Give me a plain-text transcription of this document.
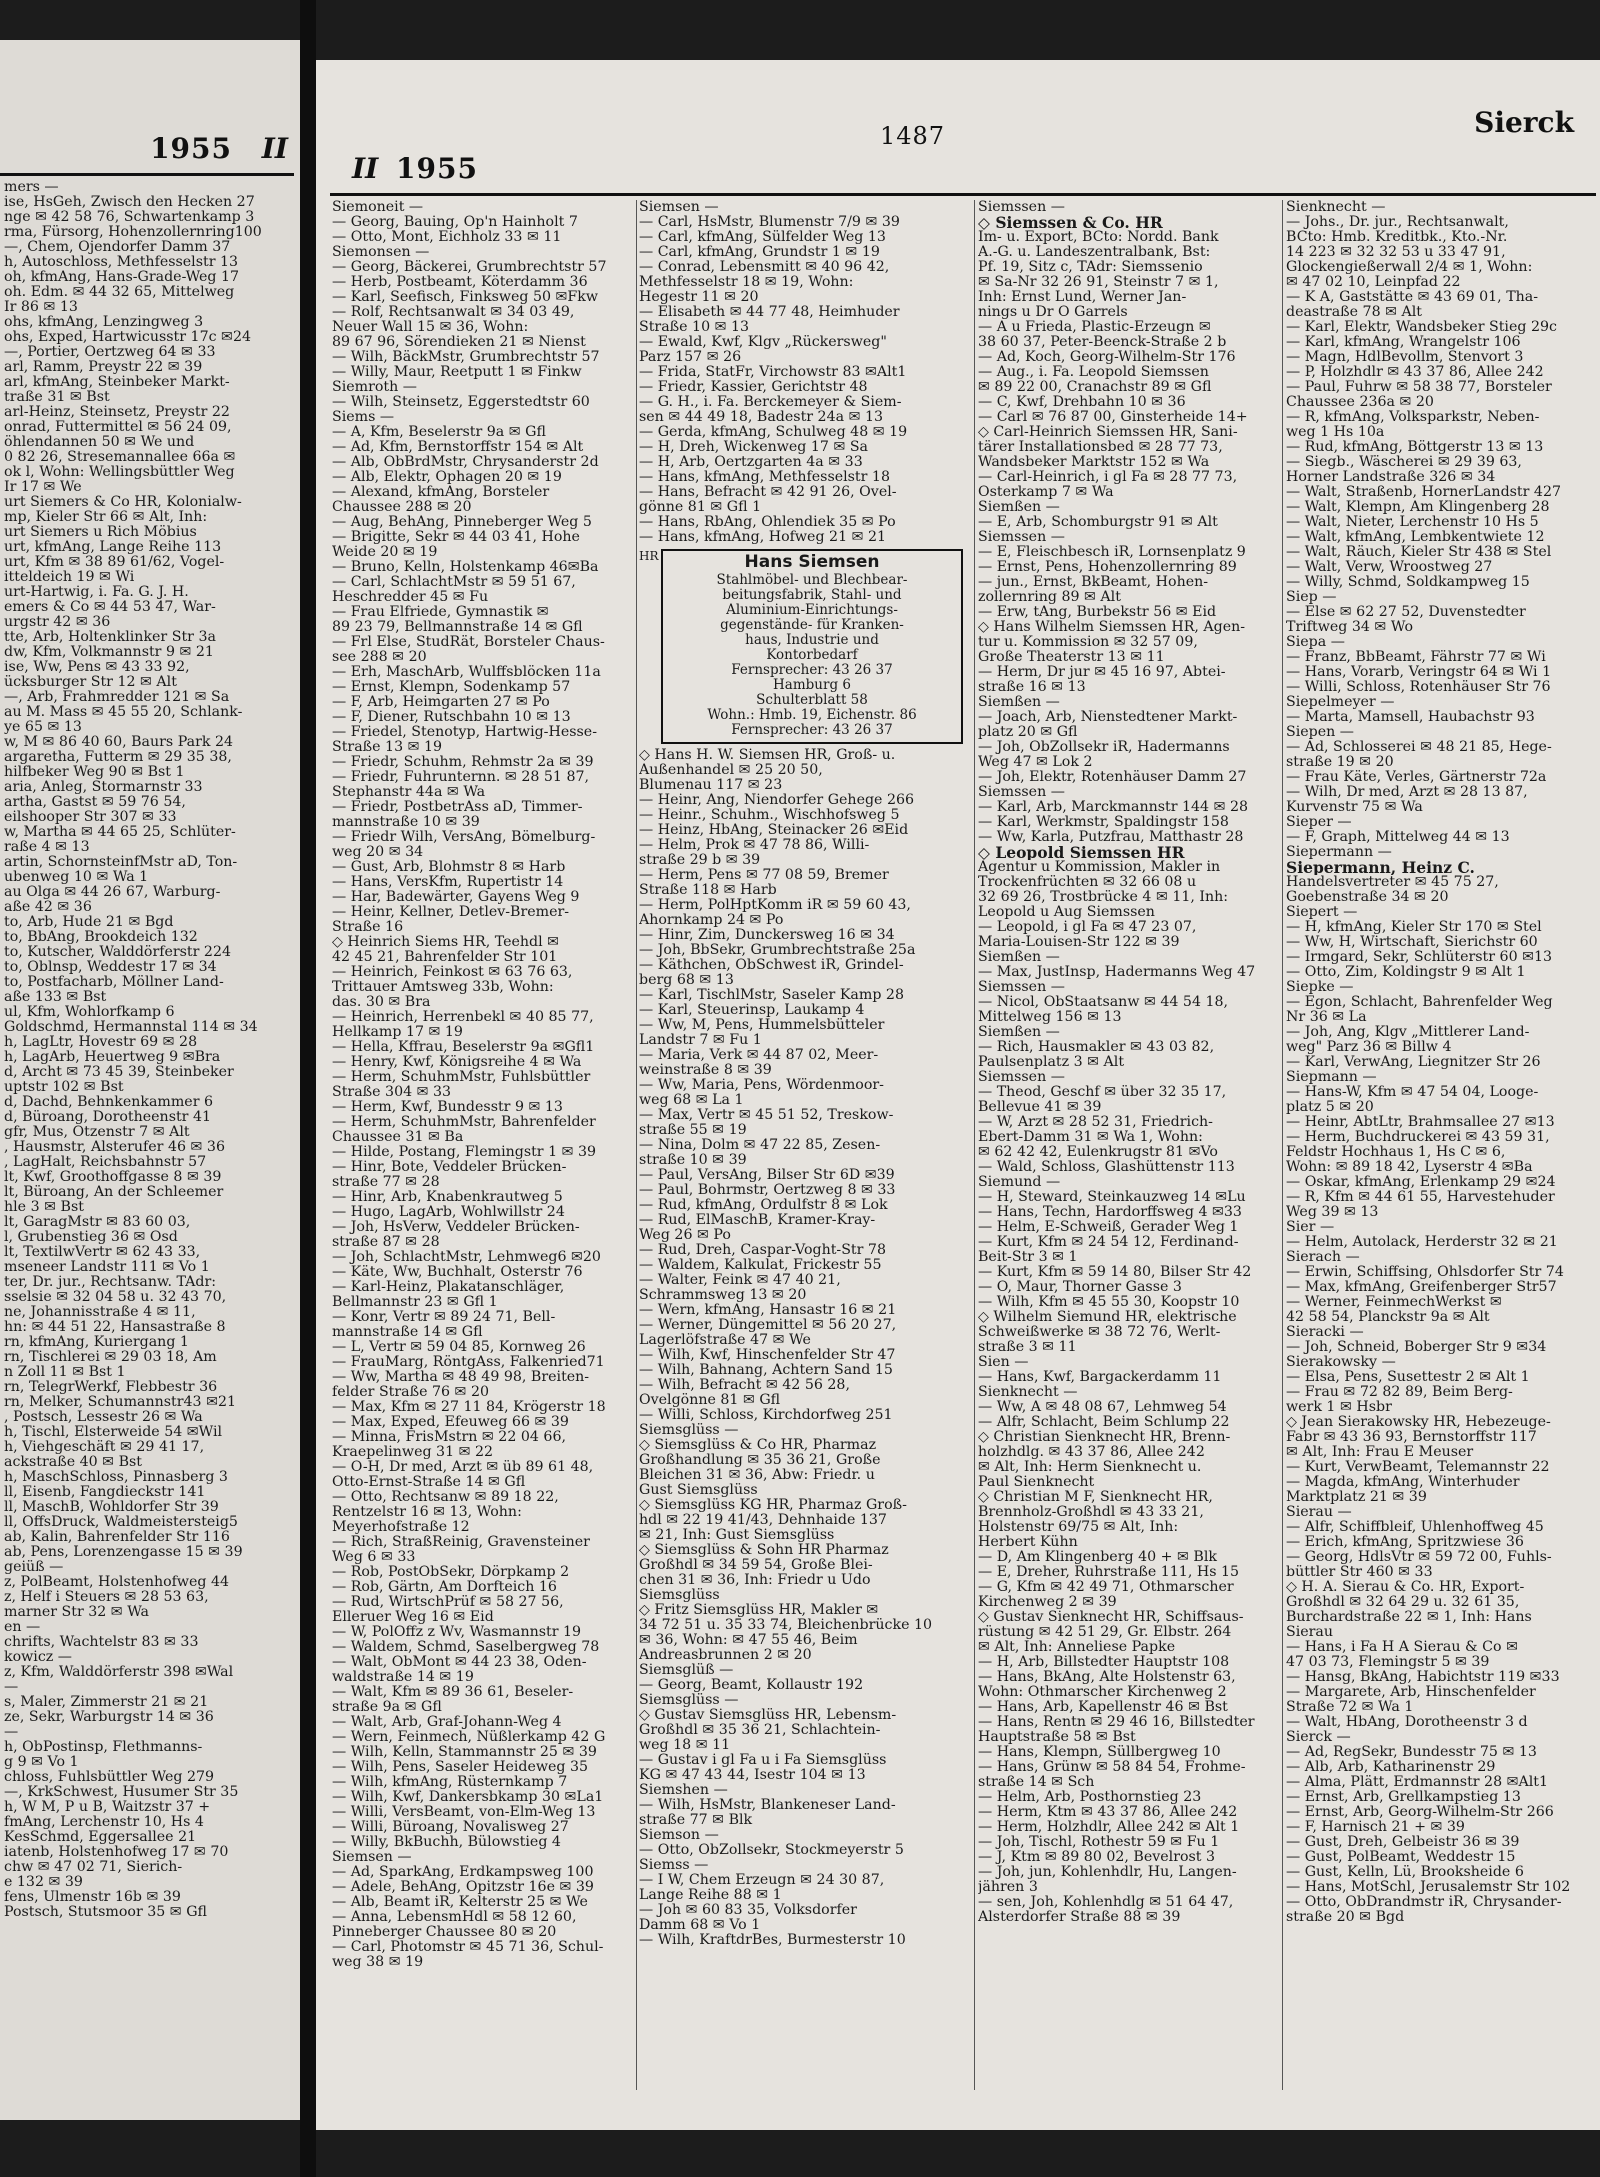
1955 II
mers —
ise, HsGeh, Zwisch den Hecken 27
nge ✉ 42 58 76, Schwartenkamp 3
rma, Fürsorg, Hohenzollernring100
—, Chem, Ojendorfer Damm 37
h, Autoschloss, Methfesselstr 13
oh, kfmAng, Hans-Grade-Weg 17
oh. Edm. ✉ 44 32 65, Mittelweg
Ir 86 ✉ 13
ohs, kfmAng, Lenzingweg 3
ohs, Exped, Hartwicusstr 17c ✉24
—, Portier, Oertzweg 64 ✉ 33
arl, Ramm, Preystr 22 ✉ 39
arl, kfmAng, Steinbeker Markt-
traße 31 ✉ Bst
arl-Heinz, Steinsetz, Preystr 22
onrad, Futtermittel ✉ 56 24 09,
öhlendannen 50 ✉ We und
0 82 26, Stresemannallee 66a ✉
ok l, Wohn: Wellingsbüttler Weg
Ir 17 ✉ We
urt Siemers & Co HR, Kolonialw-
mp, Kieler Str 66 ✉ Alt, Inh:
urt Siemers u Rich Möbius
urt, kfmAng, Lange Reihe 113
urt, Kfm ✉ 38 89 61/62, Vogel-
itteldeich 19 ✉ Wi
urt-Hartwig, i. Fa. G. J. H.
emers & Co ✉ 44 53 47, War-
urgstr 42 ✉ 36
tte, Arb, Holtenklinker Str 3a
dw, Kfm, Volkmannstr 9 ✉ 21
ise, Ww, Pens ✉ 43 33 92,
ücksburger Str 12 ✉ Alt
—, Arb, Frahmredder 121 ✉ Sa
au M. Mass ✉ 45 55 20, Schlank-
ye 65 ✉ 13
w, M ✉ 86 40 60, Baurs Park 24
argaretha, Futterm ✉ 29 35 38,
hilfbeker Weg 90 ✉ Bst 1
aria, Anleg, Stormarnstr 33
artha, Gastst ✉ 59 76 54,
eilshooper Str 307 ✉ 33
w, Martha ✉ 44 65 25, Schlüter-
raße 4 ✉ 13
artin, SchornsteinfMstr aD, Ton-
ubenweg 10 ✉ Wa 1
au Olga ✉ 44 26 67, Warburg-
aße 42 ✉ 36
to, Arb, Hude 21 ✉ Bgd
to, BbAng, Brookdeich 132
to, Kutscher, Walddörferstr 224
to, Oblnsp, Weddestr 17 ✉ 34
to, Postfacharb, Möllner Land-
aße 133 ✉ Bst
ul, Kfm, Wohlorfkamp 6
Goldschmd, Hermannstal 114 ✉ 34
h, LagLtr, Hovestr 69 ✉ 28
h, LagArb, Heuertweg 9 ✉Bra
d, Archt ✉ 73 45 39, Steinbeker
uptstr 102 ✉ Bst
d, Dachd, Behnkenkammer 6
d, Büroang, Dorotheenstr 41
gfr, Mus, Otzenstr 7 ✉ Alt
, Hausmstr, Alsterufer 46 ✉ 36
, LagHalt, Reichsbahnstr 57
lt, Kwf, Groothoffgasse 8 ✉ 39
lt, Büroang, An der Schleemer
hle 3 ✉ Bst
lt, GaragMstr ✉ 83 60 03,
l, Grubenstieg 36 ✉ Osd
lt, TextilwVertr ✉ 62 43 33,
mseneer Landstr 111 ✉ Vo 1
ter, Dr. jur., Rechtsanw. TAdr:
sselsie ✉ 32 04 58 u. 32 43 70,
ne, Johannisstraße 4 ✉ 11,
hn: ✉ 44 51 22, Hansastraße 8
rn, kfmAng, Kuriergang 1
rn, Tischlerei ✉ 29 03 18, Am
n Zoll 11 ✉ Bst 1
rn, TelegrWerkf, Flebbestr 36
rn, Melker, Schumannstr43 ✉21
, Postsch, Lessestr 26 ✉ Wa
h, Tischl, Elsterweide 54 ✉Wil
h, Viehgeschäft ✉ 29 41 17,
ackstraße 40 ✉ Bst
h, MaschSchloss, Pinnasberg 3
ll, Eisenb, Fangdieckstr 141
ll, MaschB, Wohldorfer Str 39
ll, OffsDruck, Waldmeistersteig5
ab, Kalin, Bahrenfelder Str 116
ab, Pens, Lorenzengasse 15 ✉ 39
geiüß —
z, PolBeamt, Holstenhofweg 44
z, Helf i Steuers ✉ 28 53 63,
marner Str 32 ✉ Wa
en —
chrifts, Wachtelstr 83 ✉ 33
kowicz —
z, Kfm, Walddörferstr 398 ✉Wal
—
s, Maler, Zimmerstr 21 ✉ 21
ze, Sekr, Warburgstr 14 ✉ 36
—
h, ObPostinsp, Flethmanns-
g 9 ✉ Vo 1
chloss, Fuhlsbüttler Weg 279
—, KrkSchwest, Husumer Str 35
h, W M, P u B, Waitzstr 37 +
fmAng, Lerchenstr 10, Hs 4
KesSchmd, Eggersallee 21
iatenb, Holstenhofweg 17 ✉ 70
chw ✉ 47 02 71, Sierich-
e 132 ✉ 39
fens, Ulmenstr 16b ✉ 39
Postsch, Stutsmoor 35 ✉ Gfl
II 1955
1487	Sierck
Siemoneit —
— Georg, Bauing, Op'n Hainholt 7
— Otto, Mont, Eichholz 33 ✉ 11
Siemonsen —
— Georg, Bäckerei, Grumbrechtstr 57
— Herb, Postbeamt, Köterdamm 36
— Karl, Seefisch, Finksweg 50 ✉Fkw
— Rolf, Rechtsanwalt ✉ 34 03 49,
Neuer Wall 15 ✉ 36, Wohn:
89 67 96, Sörendieken 21 ✉ Nienst
— Wilh, BäckMstr, Grumbrechtstr 57
— Willy, Maur, Reetputt 1 ✉ Finkw
Siemroth —
— Wilh, Steinsetz, Eggerstedtstr 60
Siems —
— A, Kfm, Beselerstr 9a ✉ Gfl
— Ad, Kfm, Bernstorffstr 154 ✉ Alt
— Alb, ObBrdMstr, Chrysanderstr 2d
— Alb, Elektr, Ophagen 20 ✉ 19
— Alexand, kfmAng, Borsteler
Chaussee 288 ✉ 20
— Aug, BehAng, Pinneberger Weg 5
— Brigitte, Sekr ✉ 44 03 41, Hohe
Weide 20 ✉ 19
— Bruno, Kelln, Holstenkamp 46✉Ba
— Carl, SchlachtMstr ✉ 59 51 67,
Heschredder 45 ✉ Fu
— Frau Elfriede, Gymnastik ✉
89 23 79, Bellmannstraße 14 ✉ Gfl
— Frl Else, StudRät, Borsteler Chaus-
see 288 ✉ 20
— Erh, MaschArb, Wulffsblöcken 11a
— Ernst, Klempn, Sodenkamp 57
— F, Arb, Heimgarten 27 ✉ Po
— F, Diener, Rutschbahn 10 ✉ 13
— Friedel, Stenotyp, Hartwig-Hesse-
Straße 13 ✉ 19
— Friedr, Schuhm, Rehmstr 2a ✉ 39
— Friedr, Fuhrunternn. ✉ 28 51 87,
Stephanstr 44a ✉ Wa
— Friedr, PostbetrAss aD, Timmer-
mannstraße 10 ✉ 39
— Friedr Wilh, VersAng, Bömelburg-
weg 20 ✉ 34
— Gust, Arb, Blohmstr 8 ✉ Harb
— Hans, VersKfm, Rupertistr 14
— Har, Badewärter, Gayens Weg 9
— Heinr, Kellner, Detlev-Bremer-
Straße 16
◇ Heinrich Siems HR, Teehdl ✉
42 45 21, Bahrenfelder Str 101
— Heinrich, Feinkost ✉ 63 76 63,
Trittauer Amtsweg 33b, Wohn:
das. 30 ✉ Bra
— Heinrich, Herrenbekl ✉ 40 85 77,
Hellkamp 17 ✉ 19
— Hella, Kffrau, Beselerstr 9a ✉Gfl1
— Henry, Kwf, Königsreihe 4 ✉ Wa
— Herm, SchuhmMstr, Fuhlsbüttler
Straße 304 ✉ 33
— Herm, Kwf, Bundesstr 9 ✉ 13
— Herm, SchuhmMstr, Bahrenfelder
Chaussee 31 ✉ Ba
— Hilde, Postang, Flemingstr 1 ✉ 39
— Hinr, Bote, Veddeler Brücken-
straße 77 ✉ 28
— Hinr, Arb, Knabenkrautweg 5
— Hugo, LagArb, Wohlwillstr 24
— Joh, HsVerw, Veddeler Brücken-
straße 87 ✉ 28
— Joh, SchlachtMstr, Lehmweg6 ✉20
— Käte, Ww, Buchhalt, Osterstr 76
— Karl-Heinz, Plakatanschläger,
Bellmannstr 23 ✉ Gfl 1
— Konr, Vertr ✉ 89 24 71, Bell-
mannstraße 14 ✉ Gfl
— L, Vertr ✉ 59 04 85, Kornweg 26
— FrauMarg, RöntgAss, Falkenried71
— Ww, Martha ✉ 48 49 98, Breiten-
felder Straße 76 ✉ 20
— Max, Kfm ✉ 27 11 84, Krögerstr 18
— Max, Exped, Efeuweg 66 ✉ 39
— Minna, FrisMstrn ✉ 22 04 66,
Kraepelinweg 31 ✉ 22
— O-H, Dr med, Arzt ✉ üb 89 61 48,
Otto-Ernst-Straße 14 ✉ Gfl
— Otto, Rechtsanw ✉ 89 18 22,
Rentzelstr 16 ✉ 13, Wohn:
Meyerhofstraße 12
— Rich, StraßReinig, Gravensteiner
Weg 6 ✉ 33
— Rob, PostObSekr, Dörpkamp 2
— Rob, Gärtn, Am Dorfteich 16
— Rud, WirtschPrüf ✉ 58 27 56,
Elleruer Weg 16 ✉ Eid
— W, PolOffz z Wv, Wasmannstr 19
— Waldem, Schmd, Saselbergweg 78
— Walt, ObMont ✉ 44 23 38, Oden-
waldstraße 14 ✉ 19
— Walt, Kfm ✉ 89 36 61, Beseler-
straße 9a ✉ Gfl
— Walt, Arb, Graf-Johann-Weg 4
— Wern, Feinmech, Nüßlerkamp 42 G
— Wilh, Kelln, Stammannstr 25 ✉ 39
— Wilh, Pens, Saseler Heideweg 35
— Wilh, kfmAng, Rüsternkamp 7
— Wilh, Kwf, Dankersbkamp 30 ✉La1
— Willi, VersBeamt, von-Elm-Weg 13
— Willi, Büroang, Novalisweg 27
— Willy, BkBuchh, Bülowstieg 4
Siemsen —
— Ad, SparkAng, Erdkampsweg 100
— Adele, BehAng, Opitzstr 16e ✉ 39
— Alb, Beamt iR, Kelterstr 25 ✉ We
— Anna, LebensmHdl ✉ 58 12 60,
Pinneberger Chaussee 80 ✉ 20
— Carl, Photomstr ✉ 45 71 36, Schul-
weg 38 ✉ 19
Siemsen —
— Carl, HsMstr, Blumenstr 7/9 ✉ 39
— Carl, kfmAng, Sülfelder Weg 13
— Carl, kfmAng, Grundstr 1 ✉ 19
— Conrad, Lebensmitt ✉ 40 96 42,
Methfesselstr 18 ✉ 19, Wohn:
Hegestr 11 ✉ 20
— Elisabeth ✉ 44 77 48, Heimhuder
Straße 10 ✉ 13
— Ewald, Kwf, Klgv „Rückersweg"
Parz 157 ✉ 26
— Frida, StatFr, Virchowstr 83 ✉Alt1
— Friedr, Kassier, Gerichtstr 48
— G. H., i. Fa. Berckemeyer & Siem-
sen ✉ 44 49 18, Badestr 24a ✉ 13
— Gerda, kfmAng, Schulweg 48 ✉ 19
— H, Dreh, Wickenweg 17 ✉ Sa
— H, Arb, Oertzgarten 4a ✉ 33
— Hans, kfmAng, Methfesselstr 18
— Hans, Befracht ✉ 42 91 26, Ovel-
gönne 81 ✉ Gfl 1
— Hans, RbAng, Ohlendiek 35 ✉ Po
— Hans, kfmAng, Hofweg 21 ✉ 21
HR	Hans Siemsen
Stahlmöbel- und Blechbear-
beitungsfabrik, Stahl- und
Aluminium-Einrichtungs-
gegenstände- für Kranken-
haus, Industrie und
Kontorbedarf
Fernsprecher: 43 26 37
Hamburg 6
Schulterblatt 58
Wohn.: Hmb. 19, Eichenstr. 86
Fernsprecher: 43 26 37
◇ Hans H. W. Siemsen HR, Groß- u.
Außenhandel ✉ 25 20 50,
Blumenau 117 ✉ 23
— Heinr, Ang, Niendorfer Gehege 266
— Heinr., Schuhm., Wischhofsweg 5
— Heinz, HbAng, Steinacker 26 ✉Eid
— Helm, Prok ✉ 47 78 86, Willi-
straße 29 b ✉ 39
— Herm, Pens ✉ 77 08 59, Bremer
Straße 118 ✉ Harb
— Herm, PolHptKomm iR ✉ 59 60 43,
Ahornkamp 24 ✉ Po
— Hinr, Zim, Dunckersweg 16 ✉ 34
— Joh, BbSekr, Grumbrechtstraße 25a
— Käthchen, ObSchwest iR, Grindel-
berg 68 ✉ 13
— Karl, TischlMstr, Saseler Kamp 28
— Karl, Steuerinsp, Laukamp 4
— Ww, M, Pens, Hummelsbütteler
Landstr 7 ✉ Fu 1
— Maria, Verk ✉ 44 87 02, Meer-
weinstraße 8 ✉ 39
— Ww, Maria, Pens, Wördenmoor-
weg 68 ✉ La 1
— Max, Vertr ✉ 45 51 52, Treskow-
straße 55 ✉ 19
— Nina, Dolm ✉ 47 22 85, Zesen-
straße 10 ✉ 39
— Paul, VersAng, Bilser Str 6D ✉39
— Paul, Bohrmstr, Oertzweg 8 ✉ 33
— Rud, kfmAng, Ordulfstr 8 ✉ Lok
— Rud, ElMaschB, Kramer-Kray-
Weg 26 ✉ Po
— Rud, Dreh, Caspar-Voght-Str 78
— Waldem, Kalkulat, Frickestr 55
— Walter, Feink ✉ 47 40 21,
Schrammsweg 13 ✉ 20
— Wern, kfmAng, Hansastr 16 ✉ 21
— Werner, Düngemittel ✉ 56 20 27,
Lagerlöfstraße 47 ✉ We
— Wilh, Kwf, Hinschenfelder Str 47
— Wilh, Bahnang, Achtern Sand 15
— Wilh, Befracht ✉ 42 56 28,
Ovelgönne 81 ✉ Gfl
— Willi, Schloss, Kirchdorfweg 251
Siemsglüss —
◇ Siemsglüss & Co HR, Pharmaz
Großhandlung ✉ 35 36 21, Große
Bleichen 31 ✉ 36, Abw: Friedr. u
Gust Siemsglüss
◇ Siemsglüss KG HR, Pharmaz Groß-
hdl ✉ 22 19 41/43, Dehnhaide 137
✉ 21, Inh: Gust Siemsglüss
◇ Siemsglüss & Sohn HR Pharmaz
Großhdl ✉ 34 59 54, Große Blei-
chen 31 ✉ 36, Inh: Friedr u Udo
Siemsglüss
◇ Fritz Siemsglüss HR, Makler ✉
34 72 51 u. 35 33 74, Bleichenbrücke 10
✉ 36, Wohn: ✉ 47 55 46, Beim
Andreasbrunnen 2 ✉ 20
Siemsglüß —
— Georg, Beamt, Kollaustr 192
Siemsglüss —
◇ Gustav Siemsglüss HR, Lebensm-
Großhdl ✉ 35 36 21, Schlachtein-
weg 18 ✉ 11
— Gustav i gl Fa u i Fa Siemsglüss
KG ✉ 47 43 44, Isestr 104 ✉ 13
Siemshen —
— Wilh, HsMstr, Blankeneser Land-
straße 77 ✉ Blk
Siemson —
— Otto, ObZollsekr, Stockmeyerstr 5
Siemss —
— I W, Chem Erzeugn ✉ 24 30 87,
Lange Reihe 88 ✉ 1
— Joh ✉ 60 83 35, Volksdorfer
Damm 68 ✉ Vo 1
— Wilh, KraftdrBes, Burmesterstr 10
Siemssen —
◇ Siemssen & Co. HR
Im- u. Export, BCto: Nordd. Bank
A.-G. u. Landeszentralbank, Bst:
Pf. 19, Sitz c, TAdr: Siemssenio
✉ Sa-Nr 32 26 91, Steinstr 7 ✉ 1,
Inh: Ernst Lund, Werner Jan-
nings u Dr O Garrels
— A u Frieda, Plastic-Erzeugn ✉
38 60 37, Peter-Beenck-Straße 2 b
— Ad, Koch, Georg-Wilhelm-Str 176
— Aug., i. Fa. Leopold Siemssen
✉ 89 22 00, Cranachstr 89 ✉ Gfl
— C, Kwf, Drehbahn 10 ✉ 36
— Carl ✉ 76 87 00, Ginsterheide 14+
◇ Carl-Heinrich Siemssen HR, Sani-
tärer Installationsbed ✉ 28 77 73,
Wandsbeker Marktstr 152 ✉ Wa
— Carl-Heinrich, i gl Fa ✉ 28 77 73,
Osterkamp 7 ✉ Wa
Siemßen —
— E, Arb, Schomburgstr 91 ✉ Alt
Siemssen —
— E, Fleischbesch iR, Lornsenplatz 9
— Ernst, Pens, Hohenzollernring 89
— jun., Ernst, BkBeamt, Hohen-
zollernring 89 ✉ Alt
— Erw, tAng, Burbekstr 56 ✉ Eid
◇ Hans Wilhelm Siemssen HR, Agen-
tur u. Kommission ✉ 32 57 09,
Große Theaterstr 13 ✉ 11
— Herm, Dr jur ✉ 45 16 97, Abtei-
straße 16 ✉ 13
Siemßen —
— Joach, Arb, Nienstedtener Markt-
platz 20 ✉ Gfl
— Joh, ObZollsekr iR, Hadermanns
Weg 47 ✉ Lok 2
— Joh, Elektr, Rotenhäuser Damm 27
Siemssen —
— Karl, Arb, Marckmannstr 144 ✉ 28
— Karl, Werkmstr, Spaldingstr 158
— Ww, Karla, Putzfrau, Matthastr 28
◇ Leopold Siemssen HR
Agentur u Kommission, Makler in
Trockenfrüchten ✉ 32 66 08 u
32 69 26, Trostbrücke 4 ✉ 11, Inh:
Leopold u Aug Siemssen
— Leopold, i gl Fa ✉ 47 23 07,
Maria-Louisen-Str 122 ✉ 39
Siemßen —
— Max, JustInsp, Hadermanns Weg 47
Siemssen —
— Nicol, ObStaatsanw ✉ 44 54 18,
Mittelweg 156 ✉ 13
Siemßen —
— Rich, Hausmakler ✉ 43 03 82,
Paulsenplatz 3 ✉ Alt
Siemssen —
— Theod, Geschf ✉ über 32 35 17,
Bellevue 41 ✉ 39
— W, Arzt ✉ 28 52 31, Friedrich-
Ebert-Damm 31 ✉ Wa 1, Wohn:
✉ 62 42 42, Eulenkrugstr 81 ✉Vo
— Wald, Schloss, Glashüttenstr 113
Siemund —
— H, Steward, Steinkauzweg 14 ✉Lu
— Hans, Techn, Hardorffsweg 4 ✉33
— Helm, E-Schweiß, Gerader Weg 1
— Kurt, Kfm ✉ 24 54 12, Ferdinand-
Beit-Str 3 ✉ 1
— Kurt, Kfm ✉ 59 14 80, Bilser Str 42
— O, Maur, Thorner Gasse 3
— Wilh, Kfm ✉ 45 55 30, Koopstr 10
◇ Wilhelm Siemund HR, elektrische
Schweißwerke ✉ 38 72 76, Werlt-
straße 3 ✉ 11
Sien —
— Hans, Kwf, Bargackerdamm 11
Sienknecht —
— Ww, A ✉ 48 08 67, Lehmweg 54
— Alfr, Schlacht, Beim Schlump 22
◇ Christian Sienknecht HR, Brenn-
holzhdlg. ✉ 43 37 86, Allee 242
✉ Alt, Inh: Herm Sienknecht u.
Paul Sienknecht
◇ Christian M F, Sienknecht HR,
Brennholz-Großhdl ✉ 43 33 21,
Holstenstr 69/75 ✉ Alt, Inh:
Herbert Kühn
— D, Am Klingenberg 40 + ✉ Blk
— E, Dreher, Ruhrstraße 111, Hs 15
— G, Kfm ✉ 42 49 71, Othmarscher
Kirchenweg 2 ✉ 39
◇ Gustav Sienknecht HR, Schiffsaus-
rüstung ✉ 42 51 29, Gr. Elbstr. 264
✉ Alt, Inh: Anneliese Papke
— H, Arb, Billstedter Hauptstr 108
— Hans, BkAng, Alte Holstenstr 63,
Wohn: Othmarscher Kirchenweg 2
— Hans, Arb, Kapellenstr 46 ✉ Bst
— Hans, Rentn ✉ 29 46 16, Billstedter
Hauptstraße 58 ✉ Bst
— Hans, Klempn, Süllbergweg 10
— Hans, Grünw ✉ 58 84 54, Frohme-
straße 14 ✉ Sch
— Helm, Arb, Posthornstieg 23
— Herm, Ktm ✉ 43 37 86, Allee 242
— Herm, Holzhdlr, Allee 242 ✉ Alt 1
— Joh, Tischl, Rothestr 59 ✉ Fu 1
— J, Ktm ✉ 89 80 02, Bevelrost 3
— Joh, jun, Kohlenhdlr, Hu, Langen-
jähren 3
— sen, Joh, Kohlenhdlg ✉ 51 64 47,
Alsterdorfer Straße 88 ✉ 39
Sienknecht —
— Johs., Dr. jur., Rechtsanwalt,
BCto: Hmb. Kreditbk., Kto.-Nr.
14 223 ✉ 32 32 53 u 33 47 91,
Glockengießerwall 2/4 ✉ 1, Wohn:
✉ 47 02 10, Leinpfad 22
— K A, Gaststätte ✉ 43 69 01, Tha-
deastraße 78 ✉ Alt
— Karl, Elektr, Wandsbeker Stieg 29c
— Karl, kfmAng, Wrangelstr 106
— Magn, HdlBevollm, Stenvort 3
— P, Holzhdlr ✉ 43 37 86, Allee 242
— Paul, Fuhrw ✉ 58 38 77, Borsteler
Chaussee 236a ✉ 20
— R, kfmAng, Volksparkstr, Neben-
weg 1 Hs 10a
— Rud, kfmAng, Böttgerstr 13 ✉ 13
— Siegb., Wäscherei ✉ 29 39 63,
Horner Landstraße 326 ✉ 34
— Walt, Straßenb, HornerLandstr 427
— Walt, Klempn, Am Klingenberg 28
— Walt, Nieter, Lerchenstr 10 Hs 5
— Walt, kfmAng, Lembkentwiete 12
— Walt, Räuch, Kieler Str 438 ✉ Stel
— Walt, Verw, Wroostweg 27
— Willy, Schmd, Soldkampweg 15
Siep —
— Else ✉ 62 27 52, Duvenstedter
Triftweg 34 ✉ Wo
Siepa —
— Franz, BbBeamt, Fährstr 77 ✉ Wi
— Hans, Vorarb, Veringstr 64 ✉ Wi 1
— Willi, Schloss, Rotenhäuser Str 76
Siepelmeyer —
— Marta, Mamsell, Haubachstr 93
Siepen —
— Ad, Schlosserei ✉ 48 21 85, Hege-
straße 19 ✉ 20
— Frau Käte, Verles, Gärtnerstr 72a
— Wilh, Dr med, Arzt ✉ 28 13 87,
Kurvenstr 75 ✉ Wa
Sieper —
— F, Graph, Mittelweg 44 ✉ 13
Siepermann —
Siepermann, Heinz C.
Handelsvertreter ✉ 45 75 27,
Goebenstraße 34 ✉ 20
Siepert —
— H, kfmAng, Kieler Str 170 ✉ Stel
— Ww, H, Wirtschaft, Sierichstr 60
— Irmgard, Sekr, Schlüterstr 60 ✉13
— Otto, Zim, Koldingstr 9 ✉ Alt 1
Siepke —
— Egon, Schlacht, Bahrenfelder Weg
Nr 36 ✉ La
— Joh, Ang, Klgv „Mittlerer Land-
weg" Parz 36 ✉ Billw 4
— Karl, VerwAng, Liegnitzer Str 26
Siepmann —
— Hans-W, Kfm ✉ 47 54 04, Looge-
platz 5 ✉ 20
— Heinr, AbtLtr, Brahmsallee 27 ✉13
— Herm, Buchdruckerei ✉ 43 59 31,
Feldstr Hochhaus 1, Hs C ✉ 6,
Wohn: ✉ 89 18 42, Lyserstr 4 ✉Ba
— Oskar, kfmAng, Erlenkamp 29 ✉24
— R, Kfm ✉ 44 61 55, Harvestehuder
Weg 39 ✉ 13
Sier —
— Helm, Autolack, Herderstr 32 ✉ 21
Sierach —
— Erwin, Schiffsing, Ohlsdorfer Str 74
— Max, kfmAng, Greifenberger Str57
— Werner, FeinmechWerkst ✉
42 58 54, Planckstr 9a ✉ Alt
Sieracki —
— Joh, Schneid, Boberger Str 9 ✉34
Sierakowsky —
— Elsa, Pens, Susettestr 2 ✉ Alt 1
— Frau ✉ 72 82 89, Beim Berg-
werk 1 ✉ Hsbr
◇ Jean Sierakowsky HR, Hebezeuge-
Fabr ✉ 43 36 93, Bernstorffstr 117
✉ Alt, Inh: Frau E Meuser
— Kurt, VerwBeamt, Telemannstr 22
— Magda, kfmAng, Winterhuder
Marktplatz 21 ✉ 39
Sierau —
— Alfr, Schiffbleif, Uhlenhoffweg 45
— Erich, kfmAng, Spritzwiese 36
— Georg, HdlsVtr ✉ 59 72 00, Fuhls-
büttler Str 460 ✉ 33
◇ H. A. Sierau & Co. HR, Export-
Großhdl ✉ 32 64 29 u. 32 61 35,
Burchardstraße 22 ✉ 1, Inh: Hans
Sierau
— Hans, i Fa H A Sierau & Co ✉
47 03 73, Flemingstr 5 ✉ 39
— Hansg, BkAng, Habichtstr 119 ✉33
— Margarete, Arb, Hinschenfelder
Straße 72 ✉ Wa 1
— Walt, HbAng, Dorotheenstr 3 d
Sierck —
— Ad, RegSekr, Bundesstr 75 ✉ 13
— Alb, Arb, Katharinenstr 29
— Alma, Plätt, Erdmannstr 28 ✉Alt1
— Ernst, Arb, Grellkampstieg 13
— Ernst, Arb, Georg-Wilhelm-Str 266
— F, Harnisch 21 + ✉ 39
— Gust, Dreh, Gelbeistr 36 ✉ 39
— Gust, PolBeamt, Weddestr 15
— Gust, Kelln, Lü, Brooksheide 6
— Hans, MotSchl, Jerusalemstr Str 102
— Otto, ObDrandmstr iR, Chrysander-
straße 20 ✉ Bgd
